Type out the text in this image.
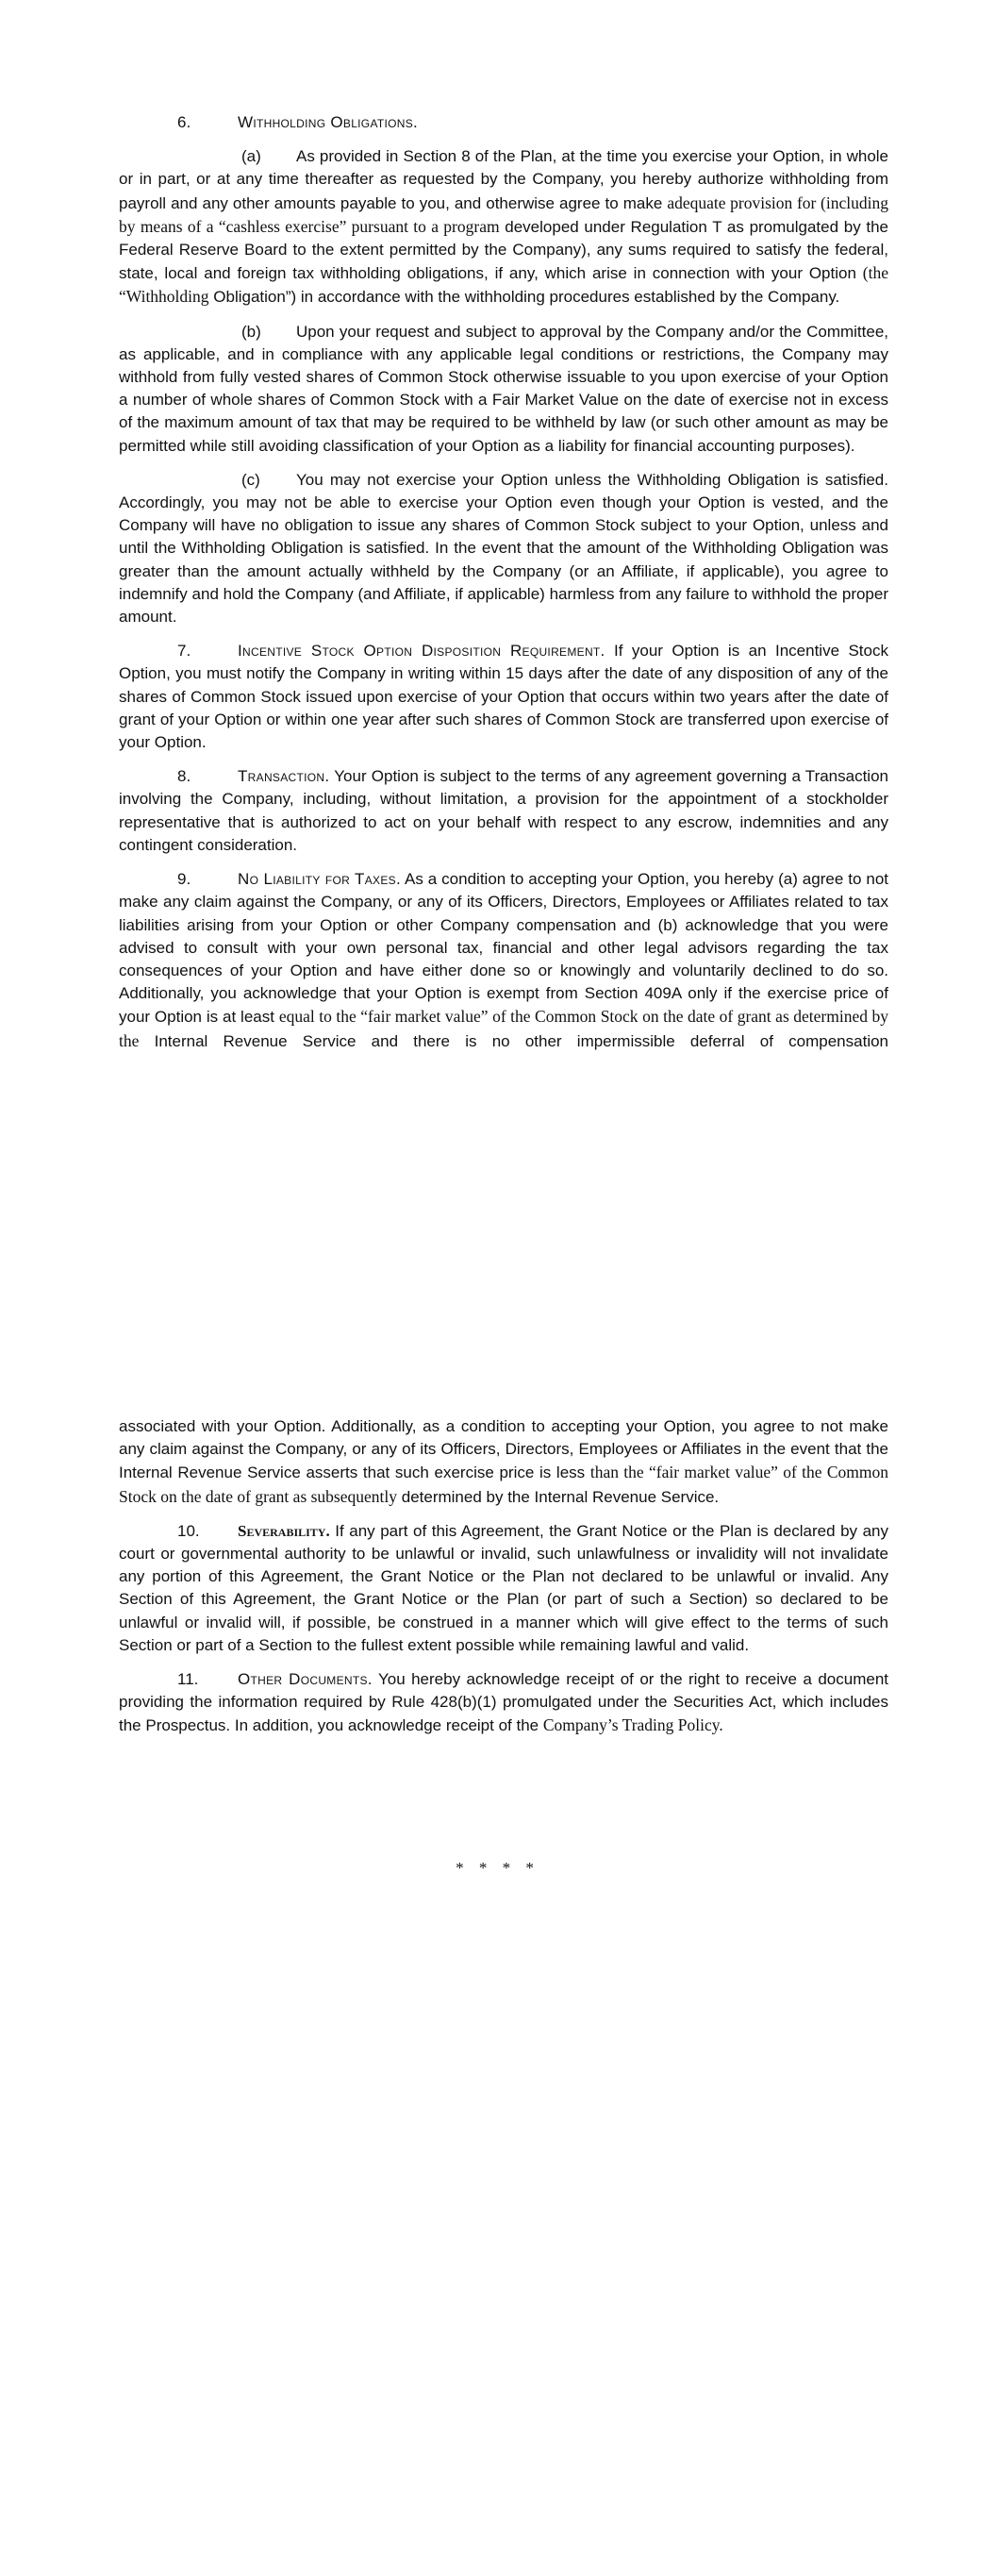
6.	Withholding Obligations.

(a) As provided in Section 8 of the Plan, at the time you exercise your Option, in whole or in part, or at any time thereafter as requested by the Company, you hereby authorize withholding from payroll and any other amounts payable to you, and otherwise agree to make adequate provision for (including by means of a “cashless exercise” pursuant to a program developed under Regulation T as promulgated by the Federal Reserve Board to the extent permitted by the Company), any sums required to satisfy the federal, state, local and foreign tax withholding obligations, if any, which arise in connection with your Option (the “Withholding Obligation”) in accordance with the withholding procedures established by the Company.

(b) Upon your request and subject to approval by the Company and/or the Committee, as applicable, and in compliance with any applicable legal conditions or restrictions, the Company may withhold from fully vested shares of Common Stock otherwise issuable to you upon exercise of your Option a number of whole shares of Common Stock with a Fair Market Value on the date of exercise not in excess of the maximum amount of tax that may be required to be withheld by law (or such other amount as may be permitted while still avoiding classification of your Option as a liability for financial accounting purposes).

(c) You may not exercise your Option unless the Withholding Obligation is satisfied. Accordingly, you may not be able to exercise your Option even though your Option is vested, and the Company will have no obligation to issue any shares of Common Stock subject to your Option, unless and until the Withholding Obligation is satisfied. In the event that the amount of the Withholding Obligation was greater than the amount actually withheld by the Company (or an Affiliate, if applicable), you agree to indemnify and hold the Company (and Affiliate, if applicable) harmless from any failure to withhold the proper amount.

7.	Incentive Stock Option Disposition Requirement. If your Option is an Incentive Stock Option, you must notify the Company in writing within 15 days after the date of any disposition of any of the shares of Common Stock issued upon exercise of your Option that occurs within two years after the date of grant of your Option or within one year after such shares of Common Stock are transferred upon exercise of your Option.

8.	Transaction. Your Option is subject to the terms of any agreement governing a Transaction involving the Company, including, without limitation, a provision for the appointment of a stockholder representative that is authorized to act on your behalf with respect to any escrow, indemnities and any contingent consideration.

9.	No Liability for Taxes. As a condition to accepting your Option, you hereby (a) agree to not make any claim against the Company, or any of its Officers, Directors, Employees or Affiliates related to tax liabilities arising from your Option or other Company compensation and (b) acknowledge that you were advised to consult with your own personal tax, financial and other legal advisors regarding the tax consequences of your Option and have either done so or knowingly and voluntarily declined to do so. Additionally, you acknowledge that your Option is exempt from Section 409A only if the exercise price of your Option is at least equal to the “fair market value” of the Common Stock on the date of grant as determined by the Internal Revenue Service and there is no other impermissible deferral of compensation

associated with your Option. Additionally, as a condition to accepting your Option, you agree to not make any claim against the Company, or any of its Officers, Directors, Employees or Affiliates in the event that the Internal Revenue Service asserts that such exercise price is less than the “fair market value” of the Common Stock on the date of grant as subsequently determined by the Internal Revenue Service.

10. Severability. If any part of this Agreement, the Grant Notice or the Plan is declared by any court or governmental authority to be unlawful or invalid, such unlawfulness or invalidity will not invalidate any portion of this Agreement, the Grant Notice or the Plan not declared to be unlawful or invalid. Any Section of this Agreement, the Grant Notice or the Plan (or part of such a Section) so declared to be unlawful or invalid will, if possible, be construed in a manner which will give effect to the terms of such Section or part of a Section to the fullest extent possible while remaining lawful and valid.

11. Other Documents. You hereby acknowledge receipt of or the right to receive a document providing the information required by Rule 428(b)(1) promulgated under the Securities Act, which includes the Prospectus. In addition, you acknowledge receipt of the Company’s Trading Policy.

* * * *
